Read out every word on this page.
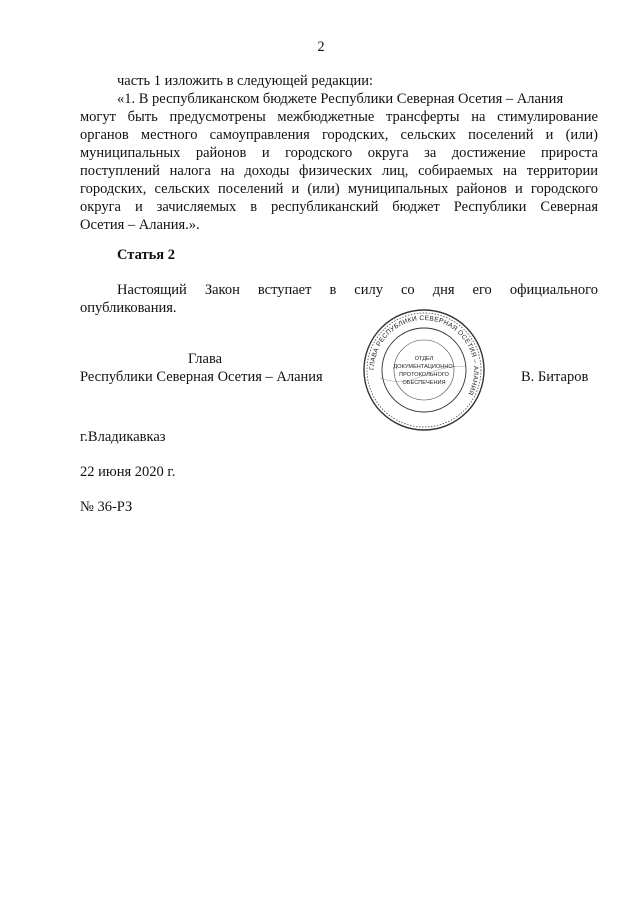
2
часть 1 изложить в следующей редакции:
«1. В республиканском бюджете Республики Северная Осетия – Алания
могут быть предусмотрены межбюджетные трансферты на стимулирование
органов местного самоуправления городских, сельских поселений и (или)
муниципальных районов и городского округа за достижение прироста
поступлений налога на доходы физических лиц, собираемых на территории
городских, сельских поселений и (или) муниципальных районов и городского
округа и зачисляемых в республиканский бюджет Республики Северная
Осетия – Алания.».
Статья 2
Настоящий Закон вступает в силу со дня его официального
опубликования.
Глава
Республики Северная Осетия – Алания	В. Битаров
ГЛАВА РЕСПУБЛИКИ СЕВЕРНАЯ ОСЕТИЯ – АЛАНИЯ
ОТДЕЛ
ДОКУМЕНТАЦИОННО-
ПРОТОКОЛЬНОГО
ОБЕСПЕЧЕНИЯ
г.Владикавказ
22 июня 2020 г.
№ 36-РЗ
